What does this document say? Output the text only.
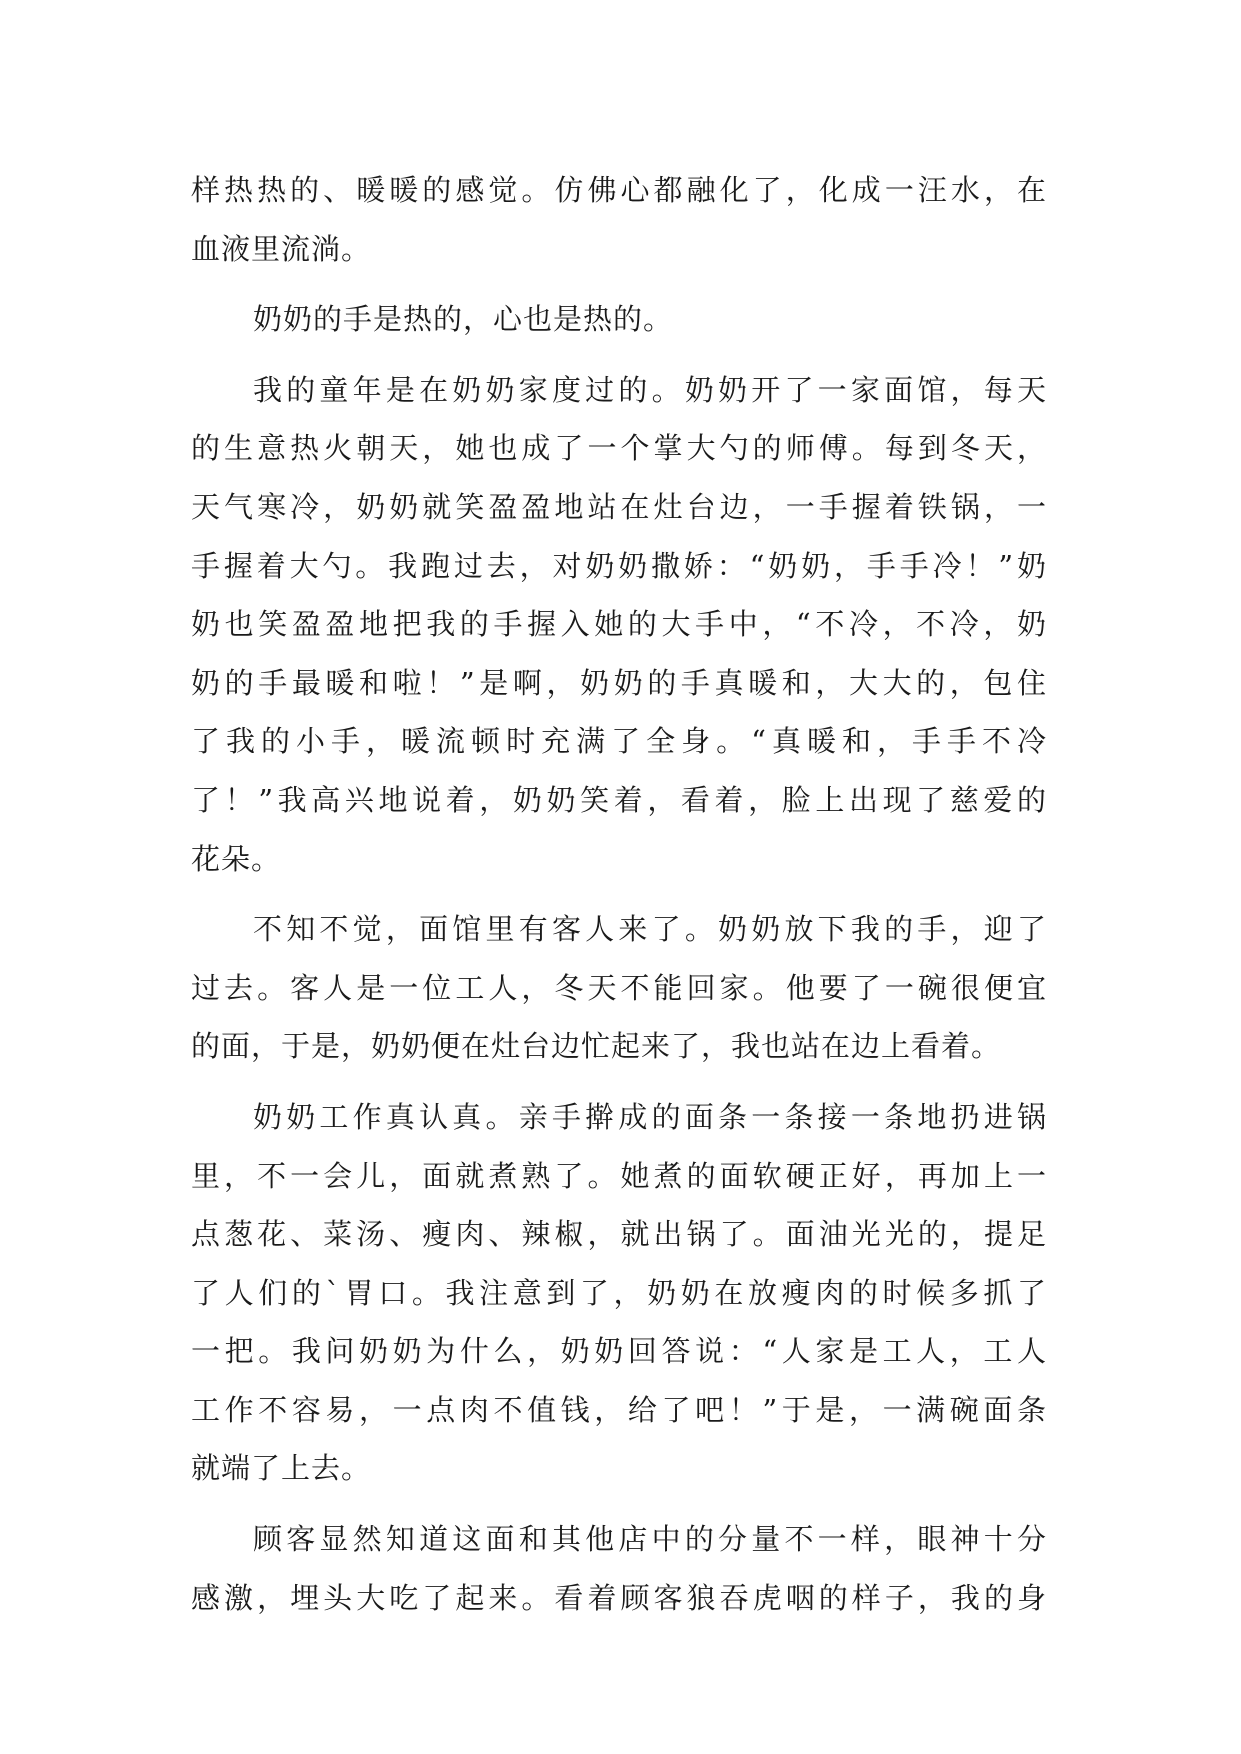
样热热的、暖暖的感觉。仿佛心都融化了，化成一汪水，在
血液里流淌。
奶奶的手是热的，心也是热的。
我的童年是在奶奶家度过的。奶奶开了一家面馆，每天
的生意热火朝天，她也成了一个掌大勺的师傅。每到冬天，
天气寒冷，奶奶就笑盈盈地站在灶台边，一手握着铁锅，一
手握着大勺。我跑过去，对奶奶撒娇：“奶奶，手手冷！”奶
奶也笑盈盈地把我的手握入她的大手中，“不冷，不冷，奶
奶的手最暖和啦！”是啊，奶奶的手真暖和，大大的，包住
了我的小手，暖流顿时充满了全身。“真暖和，手手不冷
了！”我高兴地说着，奶奶笑着，看着，脸上出现了慈爱的
花朵。
不知不觉，面馆里有客人来了。奶奶放下我的手，迎了
过去。客人是一位工人，冬天不能回家。他要了一碗很便宜
的面，于是，奶奶便在灶台边忙起来了，我也站在边上看着。
奶奶工作真认真。亲手擀成的面条一条接一条地扔进锅
里，不一会儿，面就煮熟了。她煮的面软硬正好，再加上一
点葱花、菜汤、瘦肉、辣椒，就出锅了。面油光光的，提足
了人们的`胃口。我注意到了，奶奶在放瘦肉的时候多抓了
一把。我问奶奶为什么，奶奶回答说：“人家是工人，工人
工作不容易，一点肉不值钱，给了吧！”于是，一满碗面条
就端了上去。
顾客显然知道这面和其他店中的分量不一样，眼神十分
感激，埋头大吃了起来。看着顾客狼吞虎咽的样子，我的身
